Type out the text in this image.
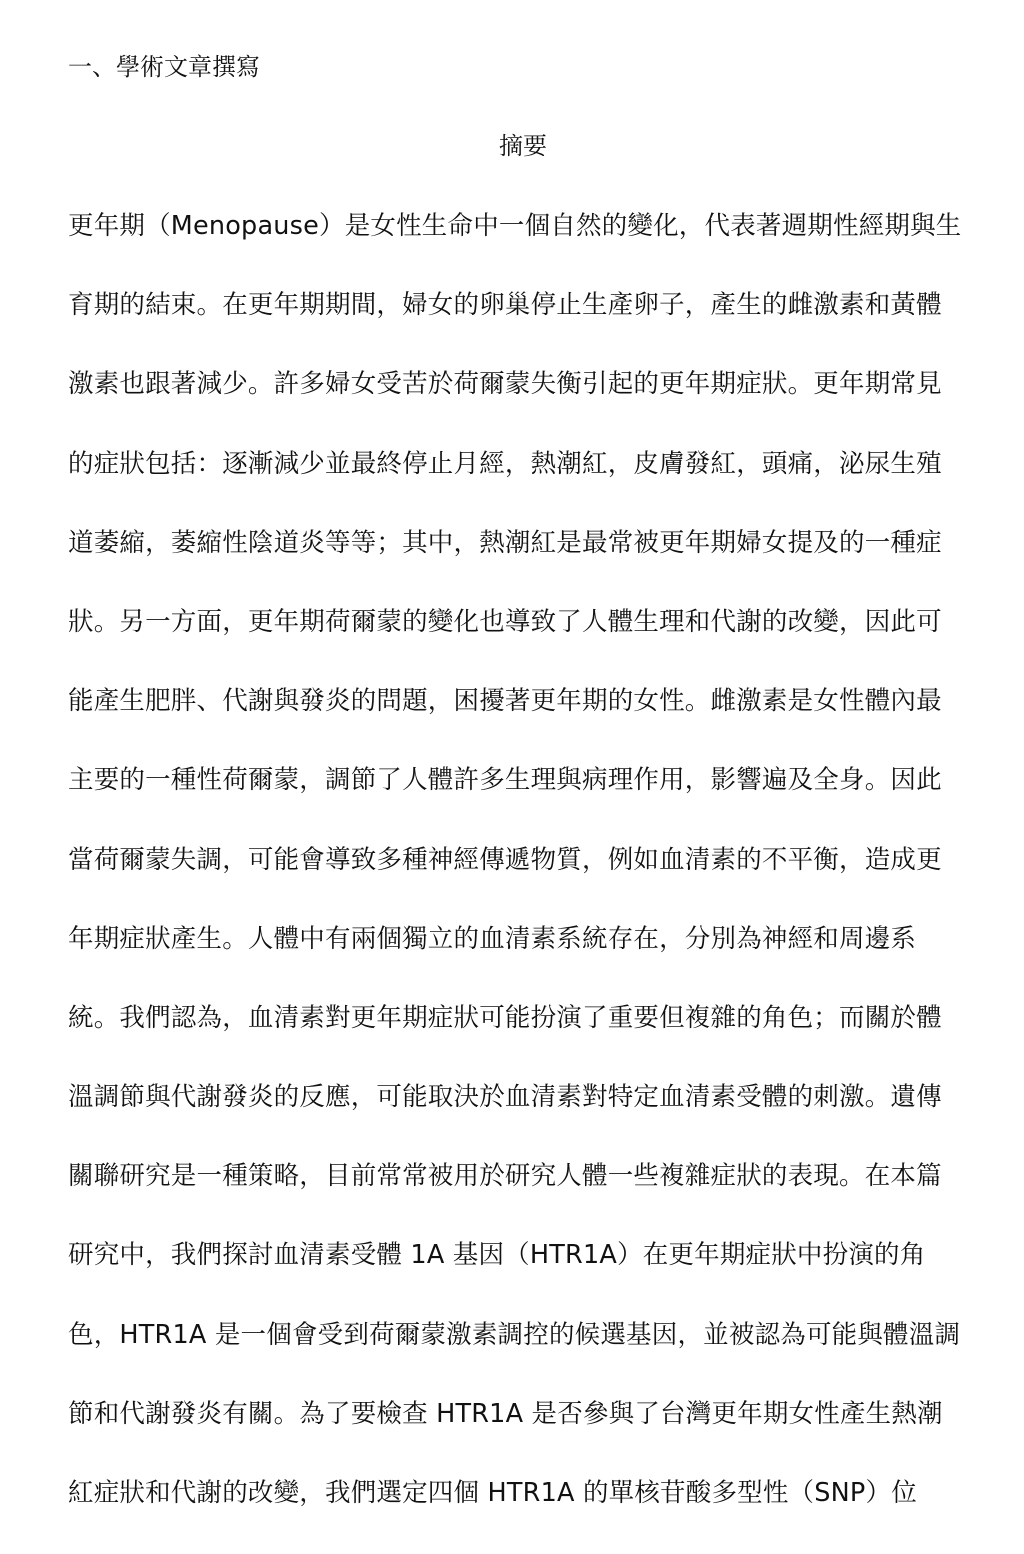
一、學術文章撰寫
摘要
更年期（Menopause）是女性生命中一個自然的變化，代表著週期性經期與生
育期的結束。在更年期期間，婦女的卵巢停止生產卵子，產生的雌激素和黃體
激素也跟著減少。許多婦女受苦於荷爾蒙失衡引起的更年期症狀。更年期常見
的症狀包括：逐漸減少並最終停止月經，熱潮紅，皮膚發紅，頭痛，泌尿生殖
道萎縮，萎縮性陰道炎等等；其中，熱潮紅是最常被更年期婦女提及的一種症
狀。另一方面，更年期荷爾蒙的變化也導致了人體生理和代謝的改變，因此可
能產生肥胖、代謝與發炎的問題，困擾著更年期的女性。雌激素是女性體內最
主要的一種性荷爾蒙，調節了人體許多生理與病理作用，影響遍及全身。因此
當荷爾蒙失調，可能會導致多種神經傳遞物質，例如血清素的不平衡，造成更
年期症狀產生。人體中有兩個獨立的血清素系統存在，分別為神經和周邊系
統。我們認為，血清素對更年期症狀可能扮演了重要但複雜的角色；而關於體
溫調節與代謝發炎的反應，可能取決於血清素對特定血清素受體的刺激。遺傳
關聯研究是一種策略，目前常常被用於研究人體一些複雜症狀的表現。在本篇
研究中，我們探討血清素受體 1A 基因（HTR1A）在更年期症狀中扮演的角
色，HTR1A 是一個會受到荷爾蒙激素調控的候選基因，並被認為可能與體溫調
節和代謝發炎有關。為了要檢查 HTR1A 是否參與了台灣更年期女性產生熱潮
紅症狀和代謝的改變，我們選定四個 HTR1A 的單核苷酸多型性（SNP）位
